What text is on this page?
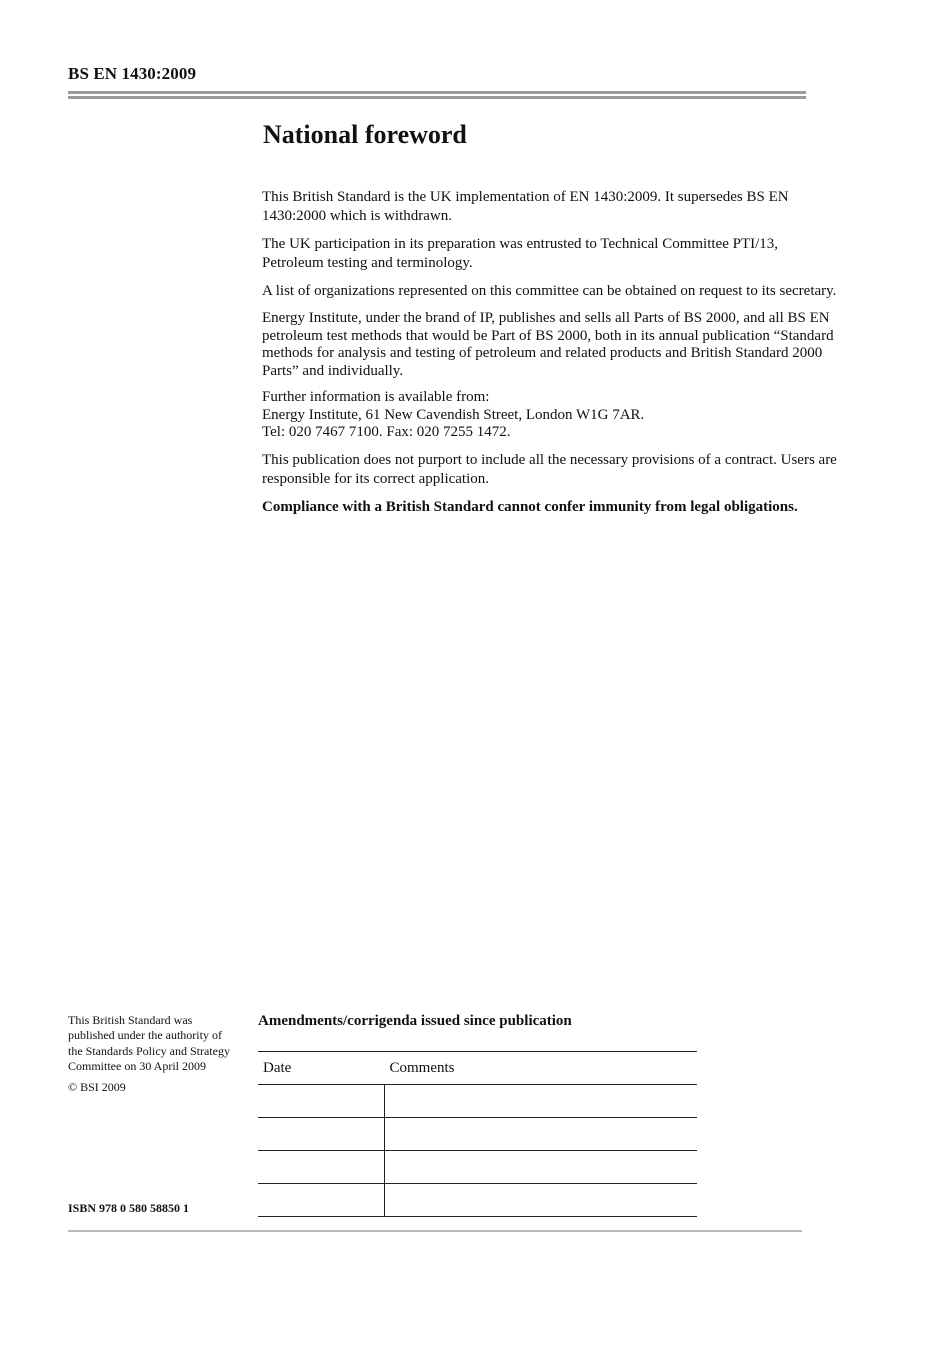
BS EN 1430:2009
National foreword

This British Standard is the UK implementation of EN 1430:2009. It supersedes BS EN 1430:2000 which is withdrawn.

The UK participation in its preparation was entrusted to Technical Committee PTI/13, Petroleum testing and terminology.

A list of organizations represented on this committee can be obtained on request to its secretary.

Energy Institute, under the brand of IP, publishes and sells all Parts of BS 2000, and all BS EN petroleum test methods that would be Part of BS 2000, both in its annual publication “Standard methods for analysis and testing of petroleum and related products and British Standard 2000 Parts” and individually.

Further information is available from:
Energy Institute, 61 New Cavendish Street, London W1G 7AR.
Tel: 020 7467 7100. Fax: 020 7255 1472.

This publication does not purport to include all the necessary provisions of a contract. Users are responsible for its correct application.

Compliance with a British Standard cannot confer immunity from legal obligations.

This British Standard was published under the authority of the Standards Policy and Strategy Committee on 30 April 2009

© BSI 2009

ISBN 978 0 580 58850 1
Amendments/corrigenda issued since publication
Date	Comments
